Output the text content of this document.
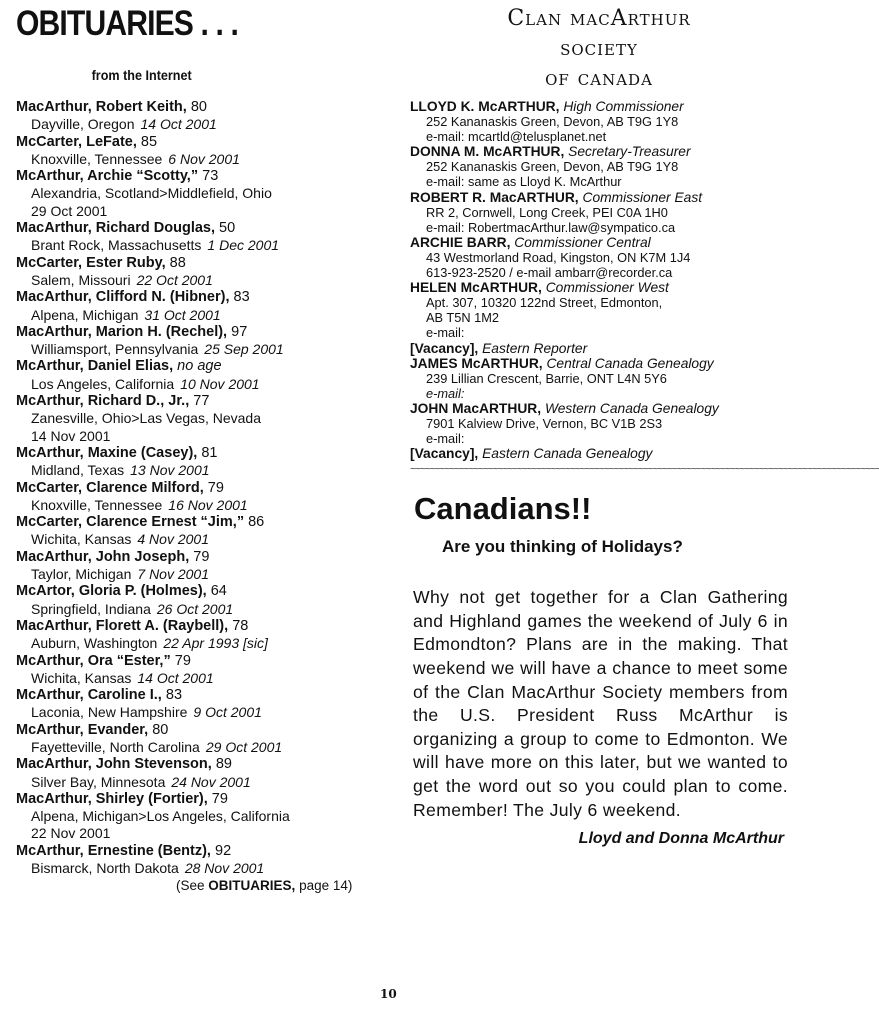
OBITUARIES . . .
from the Internet
MacArthur, Robert Keith, 80
Dayville, Oregon 14 Oct 2001
McCarter, LeFate, 85
Knoxville, Tennessee 6 Nov 2001
McArthur, Archie “Scotty,” 73
Alexandria, Scotland>Middlefield, Ohio
29 Oct 2001
MacArthur, Richard Douglas, 50
Brant Rock, Massachusetts 1 Dec 2001
McCarter, Ester Ruby, 88
Salem, Missouri 22 Oct 2001
MacArthur, Clifford N. (Hibner), 83
Alpena, Michigan 31 Oct 2001
MacArthur, Marion H. (Rechel), 97
Williamsport, Pennsylvania 25 Sep 2001
McArthur, Daniel Elias, no age
Los Angeles, California 10 Nov 2001
McArthur, Richard D., Jr., 77
Zanesville, Ohio>Las Vegas, Nevada
14 Nov 2001
McArthur, Maxine (Casey), 81
Midland, Texas 13 Nov 2001
McCarter, Clarence Milford, 79
Knoxville, Tennessee 16 Nov 2001
McCarter, Clarence Ernest “Jim,” 86
Wichita, Kansas 4 Nov 2001
MacArthur, John Joseph, 79
Taylor, Michigan 7 Nov 2001
McArtor, Gloria P. (Holmes), 64
Springfield, Indiana 26 Oct 2001
MacArthur, Florett A. (Raybell), 78
Auburn, Washington 22 Apr 1993 [sic]
McArthur, Ora “Ester,” 79
Wichita, Kansas 14 Oct 2001
McArthur, Caroline I., 83
Laconia, New Hampshire 9 Oct 2001
McArthur, Evander, 80
Fayetteville, North Carolina 29 Oct 2001
MacArthur, John Stevenson, 89
Silver Bay, Minnesota 24 Nov 2001
MacArthur, Shirley (Fortier), 79
Alpena, Michigan>Los Angeles, California
22 Nov 2001
McArthur, Ernestine (Bentz), 92
Bismarck, North Dakota 28 Nov 2001
(See OBITUARIES, page 14)
Clan macArthur
society
of canada
LLOYD K. McARTHUR, High Commissioner
252 Kananaskis Green, Devon, AB T9G 1Y8
e-mail: mcartld@telusplanet.net
DONNA M. McARTHUR, Secretary-Treasurer
252 Kananaskis Green, Devon, AB T9G 1Y8
e-mail: same as Lloyd K. McArthur
ROBERT R. MacARTHUR, Commissioner East
RR 2, Cornwell, Long Creek, PEI C0A 1H0
e-mail: RobertmacArthur.law@sympatico.ca
ARCHIE BARR, Commissioner Central
43 Westmorland Road, Kingston, ON K7M 1J4
613-923-2520 / e-mail ambarr@recorder.ca
HELEN McARTHUR, Commissioner West
Apt. 307, 10320 122nd Street, Edmonton,
AB T5N 1M2
e-mail:
[Vacancy], Eastern Reporter
JAMES McARTHUR, Central Canada Genealogy
239 Lillian Crescent, Barrie, ONT L4N 5Y6
e-mail:
JOHN MacARTHUR, Western Canada Genealogy
7901 Kalview Drive, Vernon, BC V1B 2S3
e-mail:
[Vacancy], Eastern Canada Genealogy
~~~~~~~~~~~~~~~~~~~~~~~~~~~~~~~~~~~~~~~~~~~~~~~~~~~~~~~~~~~~~~~~~~~~~~~~~~~~~~~~~~~~~~~~~~~~~~~~~
Canadians!!
Are you thinking of Holidays?
Why not get together for a Clan Gathering and Highland games the weekend of July 6 in Edmondton? Plans are in the making. That weekend we will have a chance to meet some of the Clan MacArthur Society members from the U.S. President Russ McArthur is organizing a group to come to Edmonton. We will have more on this later, but we wanted to get the word out so you could plan to come. Remember! The July 6 weekend.
Lloyd and Donna McArthur
10
